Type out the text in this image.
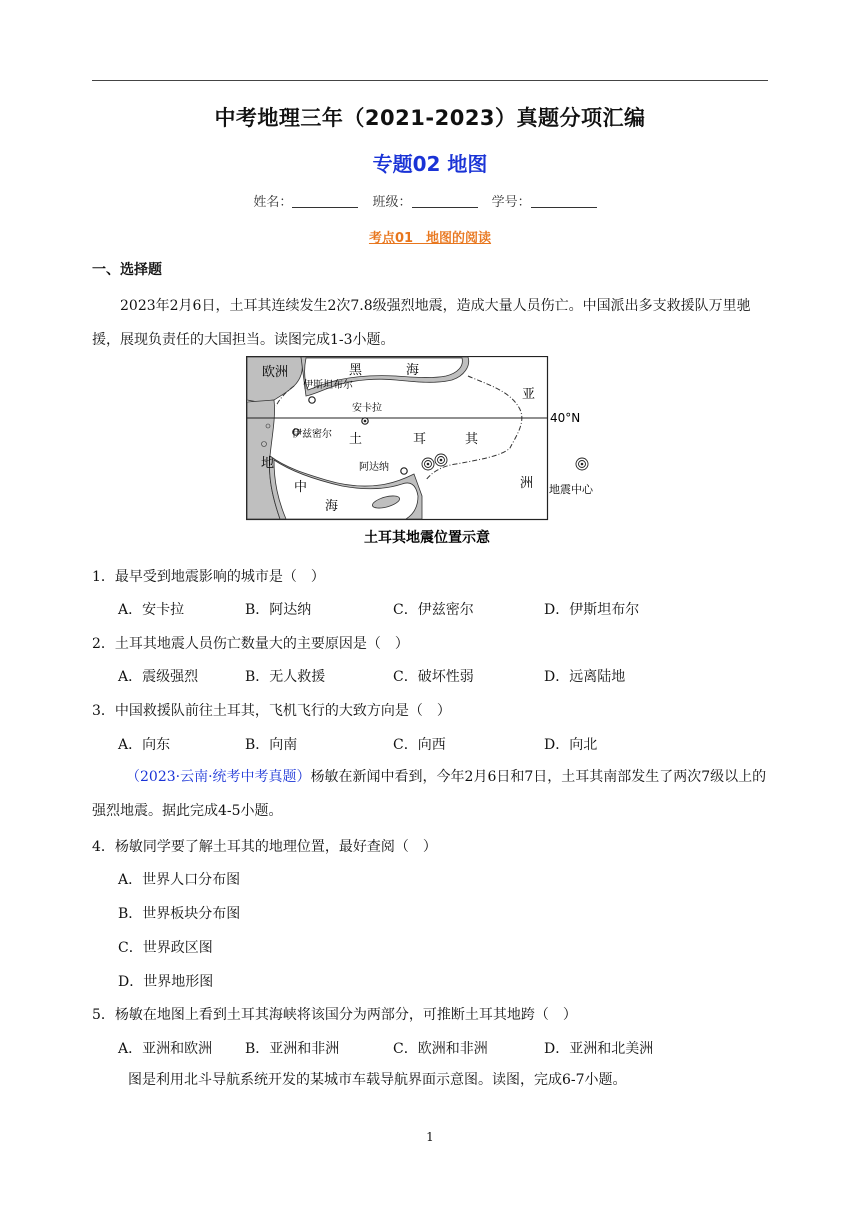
中考地理三年（2021-2023）真题分项汇编
专题02 地图
姓名：	班级：	学号：
考点01　地图的阅读
一、选择题
2023年2月6日，土耳其连续发生2次7.8级强烈地震，造成大量人员伤亡。中国派出多支救援队万里驰援，展现负责任的大国担当。读图完成1-3小题。
欧洲	黑	海
亚
洲
伊斯坦布尔
安卡拉
伊兹密尔 土	耳	其
阿达纳
地
中
海
40°N
地震中心
土耳其地震位置示意
1．最早受到地震影响的城市是（　）
A．安卡拉	B．阿达纳	C．伊兹密尔	D．伊斯坦布尔
2．土耳其地震人员伤亡数量大的主要原因是（　）
A．震级强烈	B．无人救援	C．破坏性弱	D．远离陆地
3．中国救援队前往土耳其，飞机飞行的大致方向是（　）
A．向东	B．向南	C．向西	D．向北
（2023·云南·统考中考真题）杨敏在新闻中看到，今年2月6日和7日，土耳其南部发生了两次7级以上的强烈地震。据此完成4-5小题。
4．杨敏同学要了解土耳其的地理位置，最好查阅（　）
A．世界人口分布图
B．世界板块分布图
C．世界政区图
D．世界地形图
5．杨敏在地图上看到土耳其海峡将该国分为两部分，可推断土耳其地跨（　）
A．亚洲和欧洲 B．亚洲和非洲	C．欧洲和非洲	D．亚洲和北美洲
图是利用北斗导航系统开发的某城市车载导航界面示意图。读图，完成6-7小题。
1
